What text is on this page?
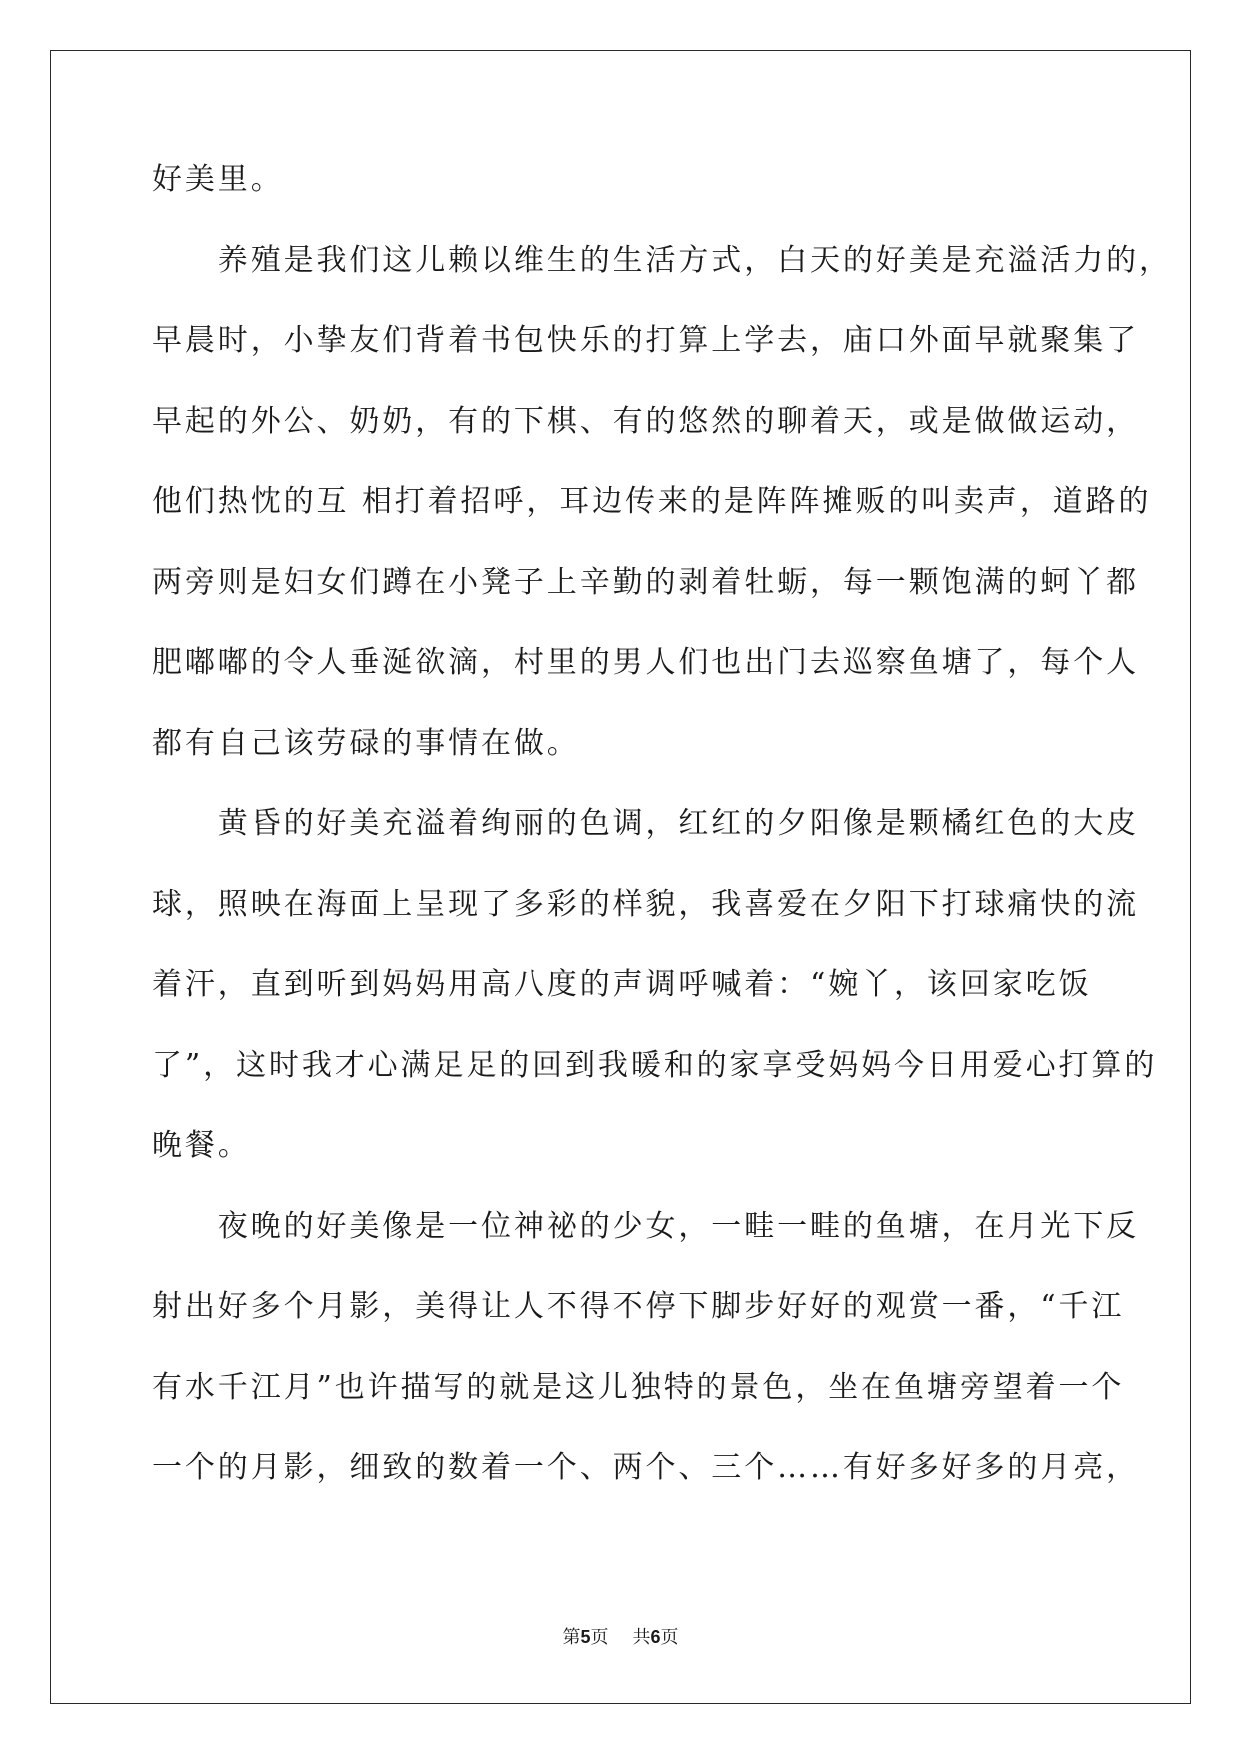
好美里。
　　养殖是我们这儿赖以维生的生活方式，白天的好美是充溢活力的，
早晨时，小挚友们背着书包快乐的打算上学去，庙口外面早就聚集了
早起的外公、奶奶，有的下棋、有的悠然的聊着天，或是做做运动，
他们热忱的互 相打着招呼，耳边传来的是阵阵摊贩的叫卖声，道路的
两旁则是妇女们蹲在小凳子上辛勤的剥着牡蛎，每一颗饱满的蚵丫都
肥嘟嘟的令人垂涎欲滴，村里的男人们也出门去巡察鱼塘了，每个人
都有自己该劳碌的事情在做。
　　黄昏的好美充溢着绚丽的色调，红红的夕阳像是颗橘红色的大皮
球，照映在海面上呈现了多彩的样貌，我喜爱在夕阳下打球痛快的流
着汗，直到听到妈妈用高八度的声调呼喊着：“婉丫，该回家吃饭
了”，这时我才心满足足的回到我暖和的家享受妈妈今日用爱心打算的
晚餐。
　　夜晚的好美像是一位神祕的少女，一畦一畦的鱼塘，在月光下反
射出好多个月影，美得让人不得不停下脚步好好的观赏一番，“千江
有水千江月”也许描写的就是这儿独特的景色，坐在鱼塘旁望着一个
一个的月影，细致的数着一个、两个、三个……有好多好多的月亮，
第5页 共6页
